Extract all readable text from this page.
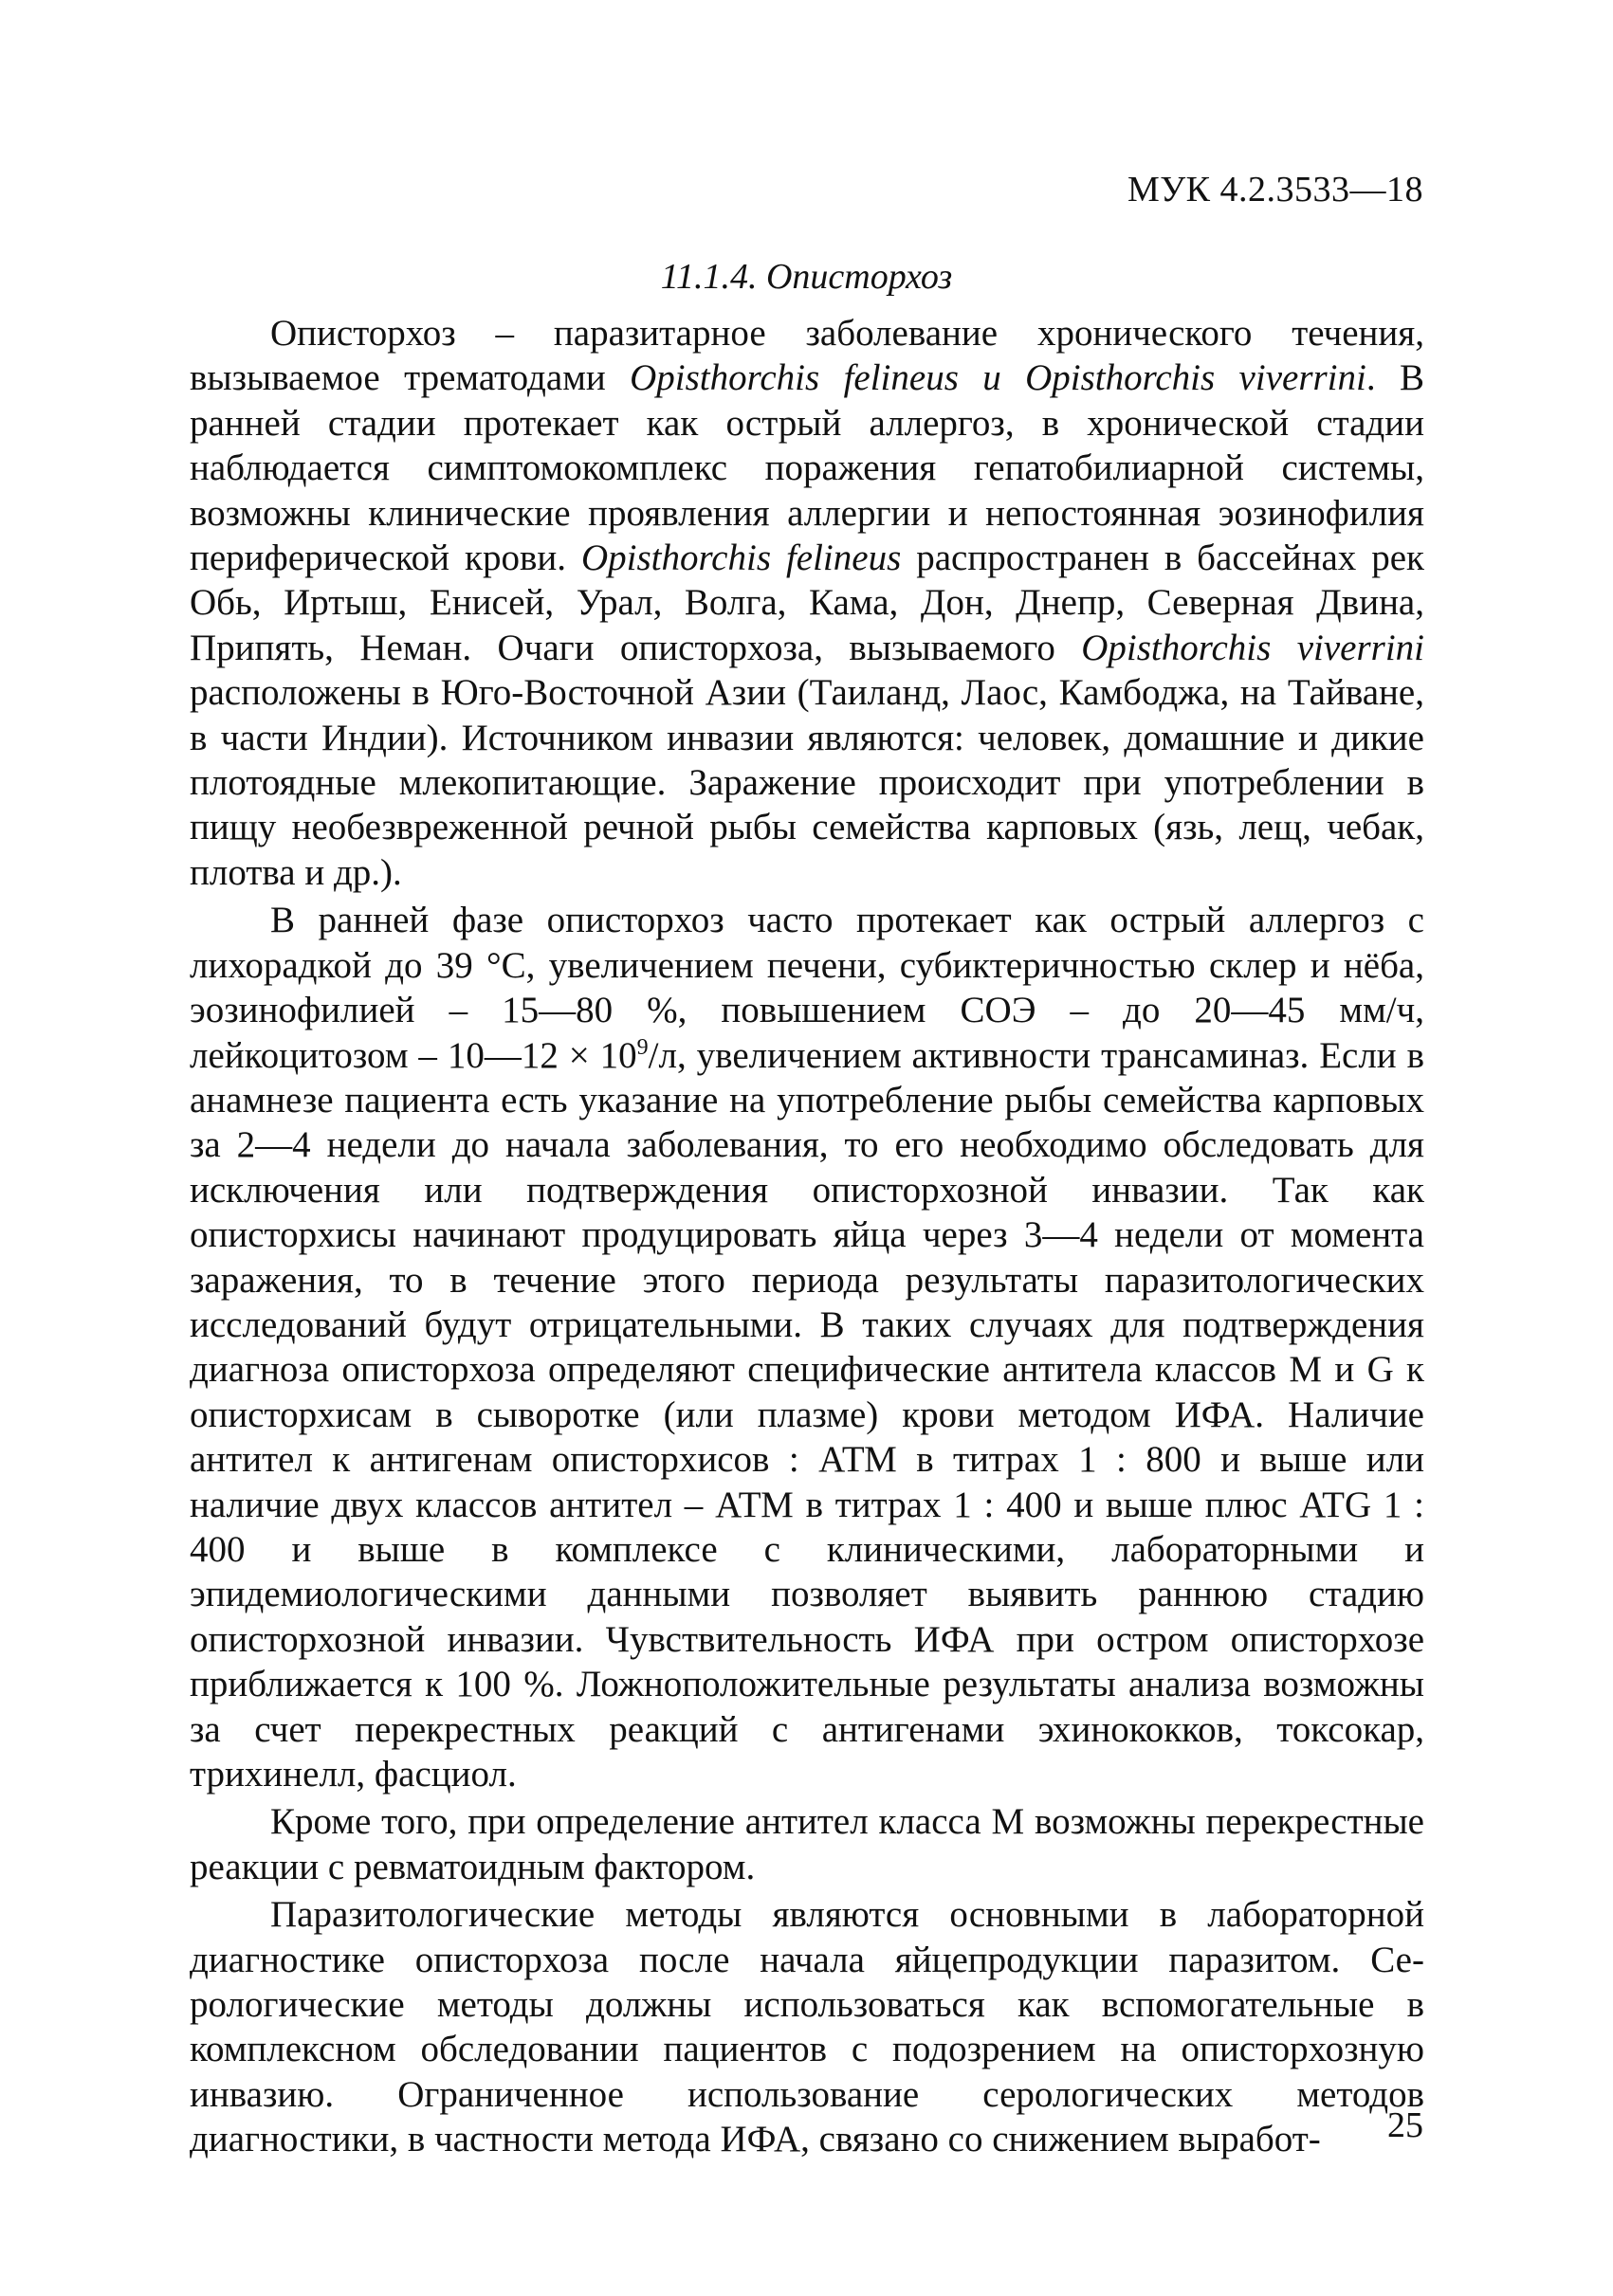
МУК 4.2.3533—18
11.1.4. Описторхоз

Описторхоз – паразитарное заболевание хронического течения, вызываемое трематодами Opisthorchis felineus и Opisthorchis viverrini. В ранней стадии протекает как острый аллергоз, в хронической стадии наблюдается симптомокомплекс поражения гепатобилиарной системы, возможны клинические проявления аллергии и непостоянная эозинофилия периферической крови. Opisthorchis felineus распространен в бассейнах рек Обь, Иртыш, Енисей, Урал, Волга, Кама, Дон, Днепр, Северная Двина, Припять, Неман. Очаги описторхоза, вызываемого Opisthorchis viverrini расположены в Юго-Восточной Азии (Таиланд, Лаос, Камбоджа, на Тайване, в части Индии). Источником инвазии являются: человек, домашние и дикие плотоядные млекопитающие. Заражение происходит при употреблении в пищу необезвреженной речной рыбы семейства карповых (язь, лещ, чебак, плотва и др.).

В ранней фазе описторхоз часто протекает как острый аллергоз с лихорадкой до 39 °С, увеличением печени, субиктеричностью склер и нёба, эозинофилией – 15—80 %, повышением СОЭ – до 20—45 мм/ч, лейкоцитозом – 10—12 × $10^9/л$, увеличением активности трансаминаз. Если в анамнезе пациента есть указание на употребление рыбы семейства карповых за 2—4 недели до начала заболевания, то его необходимо обследовать для исключения или подтверждения описторхозной инвазии. Так как описторхисы начинают продуцировать яйца через 3—4 недели от момента заражения, то в течение этого периода результаты паразитологических исследований будут отрицательными. В таких случаях для подтверждения диагноза описторхоза определяют специфические антитела классов М и G к описторхисам в сыворотке (или плазме) крови методом ИФА. Наличие антител к антигенам описторхисов : АТМ в титрах 1 : 800 и выше или наличие двух классов антител – АТМ в титрах 1 : 400 и выше плюс ATG 1 : 400 и выше в комплексе с клиническими, лабораторными и эпидемиологическими данными позволяет выявить раннюю стадию описторхозной инвазии. Чувствительность ИФА при остром описторхозе приближается к 100 %. Ложноположительные результаты анализа возможны за счет перекрестных реакций с антигенами эхинококков, токсокар, трихинелл, фасциол.

Кроме того, при определение антител класса М возможны перекрестные реакции с ревматоидным фактором.

Паразитологические методы являются основными в лабораторной диагностике описторхоза после начала яйцепродукции паразитом. Серологические методы должны использоваться как вспомогательные в комплексном обследовании пациентов с подозрением на описторхозную инвазию. Ограниченное использование серологических методов диагностики, в частности метода ИФА, связано со снижением выработ-	25
